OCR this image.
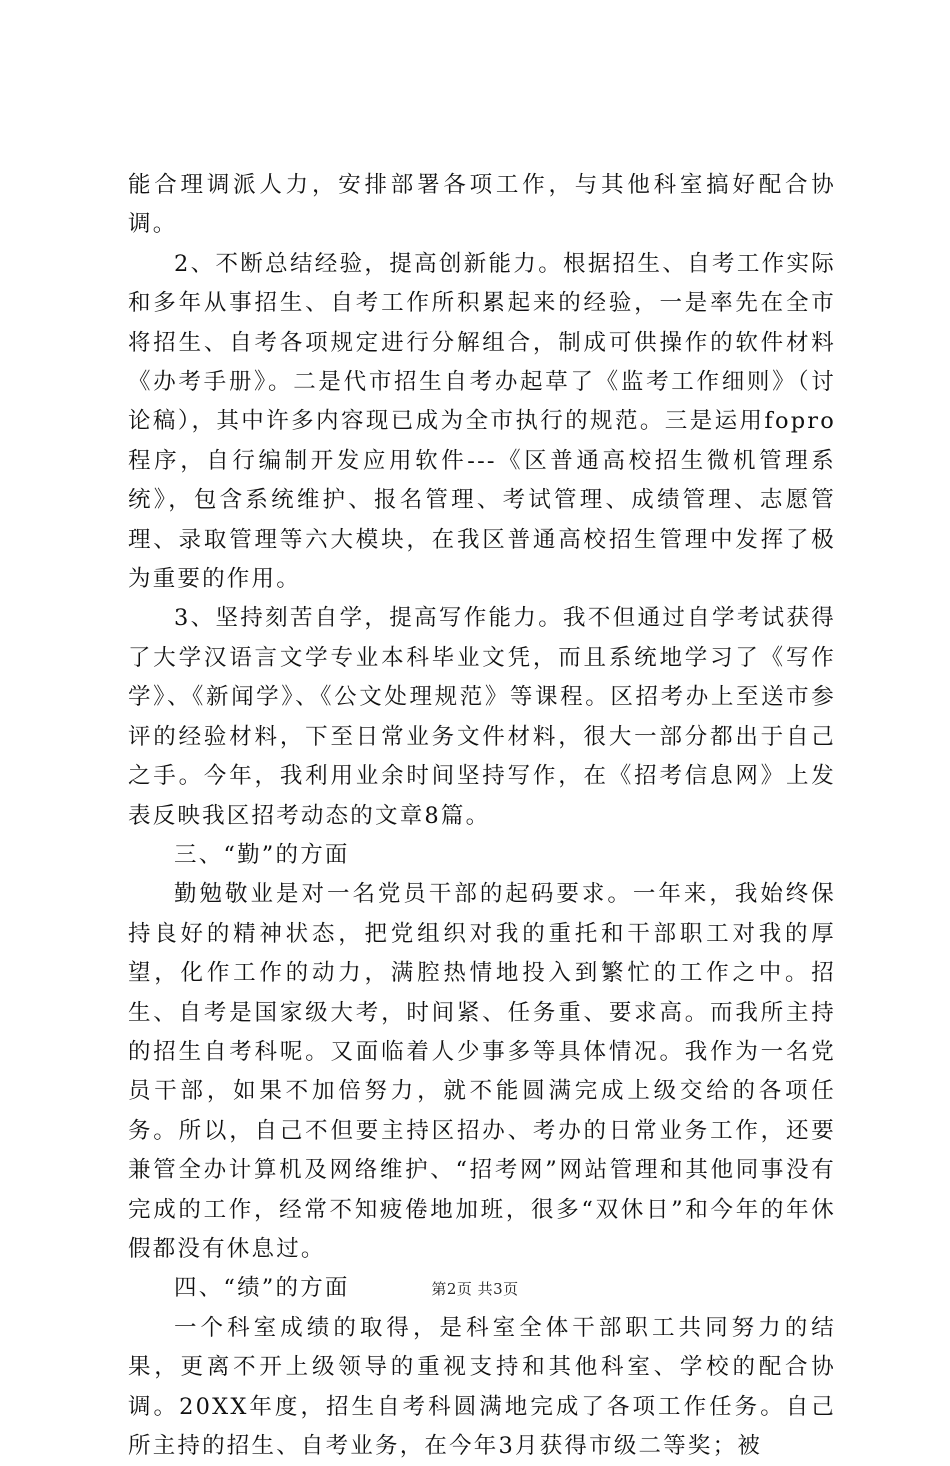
能合理调派人力，安排部署各项工作，与其他科室搞好配合协调。

2、不断总结经验，提高创新能力。根据招生、自考工作实际和多年从事招生、自考工作所积累起来的经验，一是率先在全市将招生、自考各项规定进行分解组合，制成可供操作的软件材料《办考手册》。二是代市招生自考办起草了《监考工作细则》（讨论稿），其中许多内容现已成为全市执行的规范。三是运用fopro程序，自行编制开发应用软件---《区普通高校招生微机管理系统》，包含系统维护、报名管理、考试管理、成绩管理、志愿管理、录取管理等六大模块，在我区普通高校招生管理中发挥了极为重要的作用。

3、坚持刻苦自学，提高写作能力。我不但通过自学考试获得了大学汉语言文学专业本科毕业文凭，而且系统地学习了《写作学》、《新闻学》、《公文处理规范》等课程。区招考办上至送市参评的经验材料，下至日常业务文件材料，很大一部分都出于自己之手。今年，我利用业余时间坚持写作，在《招考信息网》上发表反映我区招考动态的文章8篇。

三、“勤”的方面

勤勉敬业是对一名党员干部的起码要求。一年来，我始终保持良好的精神状态，把党组织对我的重托和干部职工对我的厚望，化作工作的动力，满腔热情地投入到繁忙的工作之中。招生、自考是国家级大考，时间紧、任务重、要求高。而我所主持的招生自考科呢。又面临着人少事多等具体情况。我作为一名党员干部，如果不加倍努力，就不能圆满完成上级交给的各项任务。所以，自己不但要主持区招办、考办的日常业务工作，还要兼管全办计算机及网络维护、“招考网”网站管理和其他同事没有完成的工作，经常不知疲倦地加班，很多“双休日”和今年的年休假都没有休息过。

四、“绩”的方面

一个科室成绩的取得，是科室全体干部职工共同努力的结果，更离不开上级领导的重视支持和其他科室、学校的配合协调。20XX年度，招生自考科圆满地完成了各项工作任务。自己所主持的招生、自考业务，在今年3月获得市级二等奖；被

第2页 共3页
